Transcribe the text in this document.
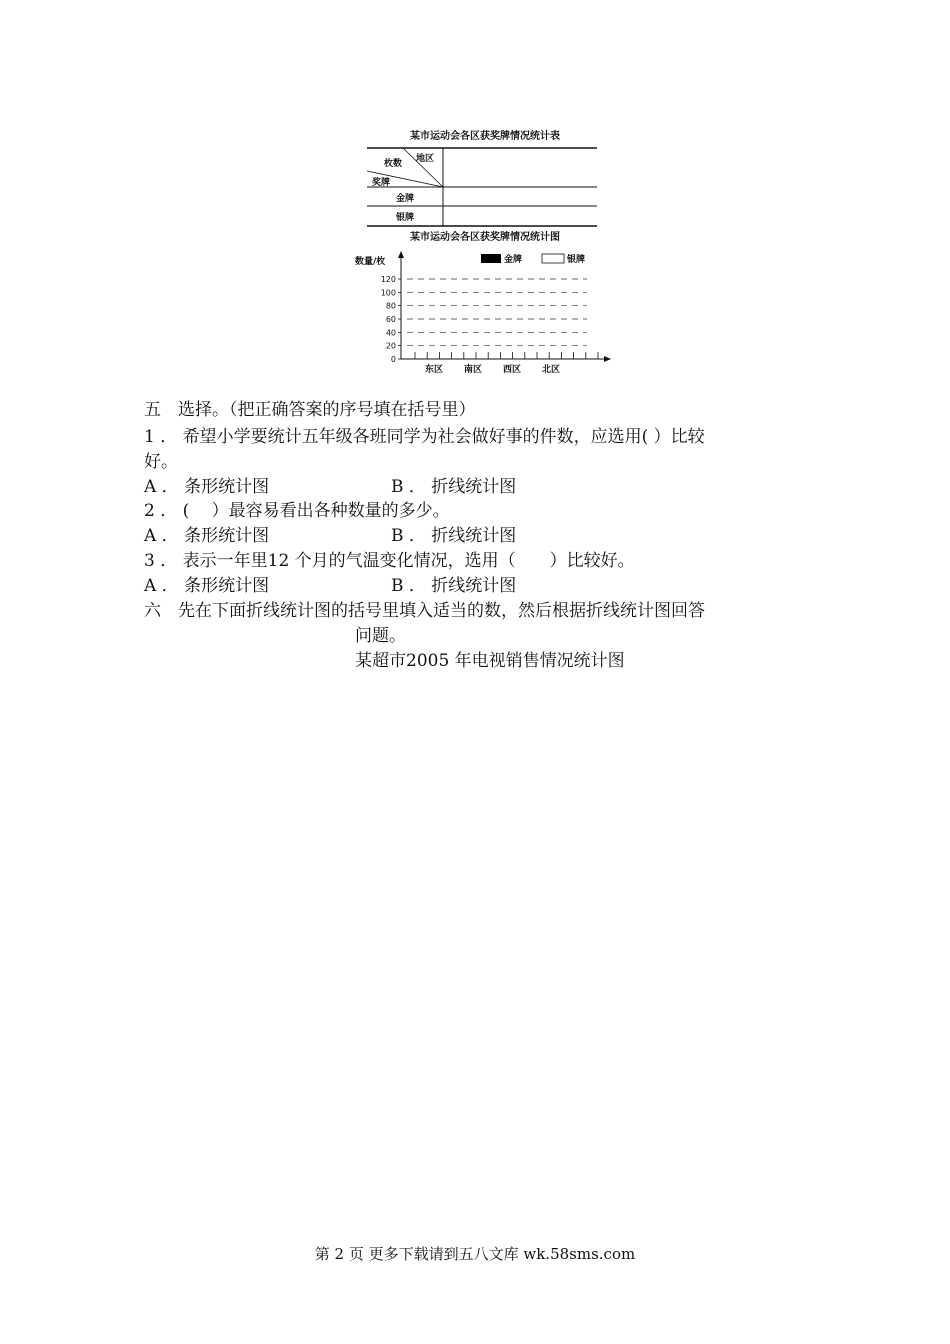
某市运动会各区获奖牌情况统计表
地区
枚数
奖牌
金牌
银牌
某市运动会各区获奖牌情况统计图
数量/枚	金牌	银牌
0
20
40
60
80
100
120
东区 南区 西区 北区
五　选择。（把正确答案的序号填在括号里）
1 ． 希望小学要统计五年级各班同学为社会做好事的件数，应选用( ）比较
好。
A ． 条形统计图	B ． 折线统计图
2 ． (　 ）最容易看出各种数量的多少。
A ． 条形统计图	B ． 折线统计图
3 ． 表示一年里12 个月的气温变化情况，选用（　　）比较好。
A ． 条形统计图	B ． 折线统计图
六　先在下面折线统计图的括号里填入适当的数，然后根据折线统计图回答
问题。
某超市2005 年电视销售情况统计图
第 2 页 更多下载请到五八文库 wk.58sms.com
